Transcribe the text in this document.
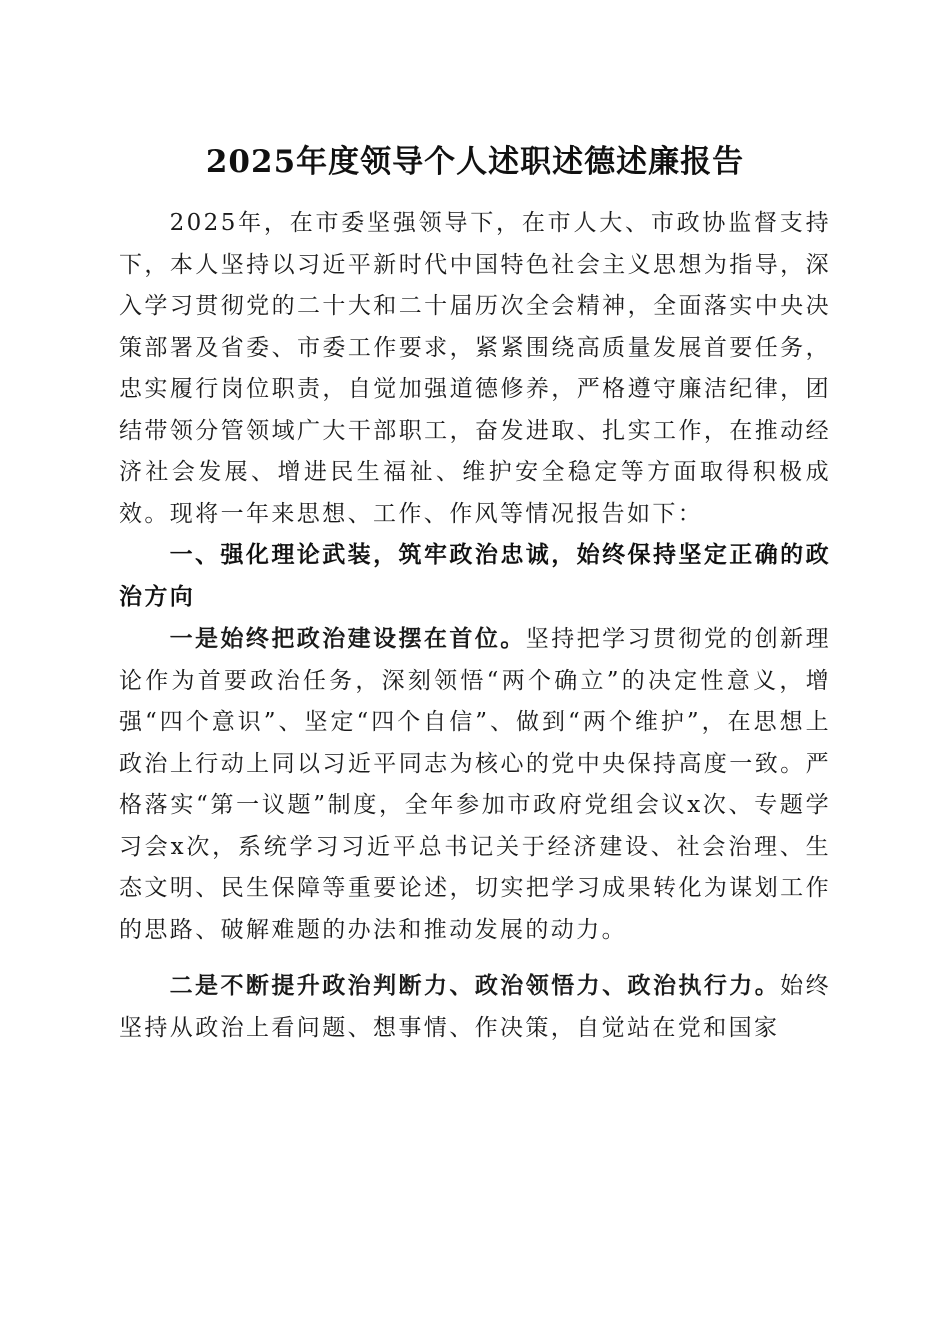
2025年度领导个人述职述德述廉报告

2025年，在市委坚强领导下，在市人大、市政协监督支持下，本人坚持以习近平新时代中国特色社会主义思想为指导，深入学习贯彻党的二十大和二十届历次全会精神，全面落实中央决策部署及省委、市委工作要求，紧紧围绕高质量发展首要任务，忠实履行岗位职责，自觉加强道德修养，严格遵守廉洁纪律，团结带领分管领域广大干部职工，奋发进取、扎实工作，在推动经济社会发展、增进民生福祉、维护安全稳定等方面取得积极成效。现将一年来思想、工作、作风等情况报告如下：

一、强化理论武装，筑牢政治忠诚，始终保持坚定正确的政治方向

一是始终把政治建设摆在首位。坚持把学习贯彻党的创新理论作为首要政治任务，深刻领悟“两个确立”的决定性意义，增强“四个意识”、坚定“四个自信”、做到“两个维护”，在思想上政治上行动上同以习近平同志为核心的党中央保持高度一致。严格落实“第一议题”制度，全年参加市政府党组会议x次、专题学习会x次，系统学习习近平总书记关于经济建设、社会治理、生态文明、民生保障等重要论述，切实把学习成果转化为谋划工作的思路、破解难题的办法和推动发展的动力。

二是不断提升政治判断力、政治领悟力、政治执行力。始终坚持从政治上看问题、想事情、作决策，自觉站在党和国家
